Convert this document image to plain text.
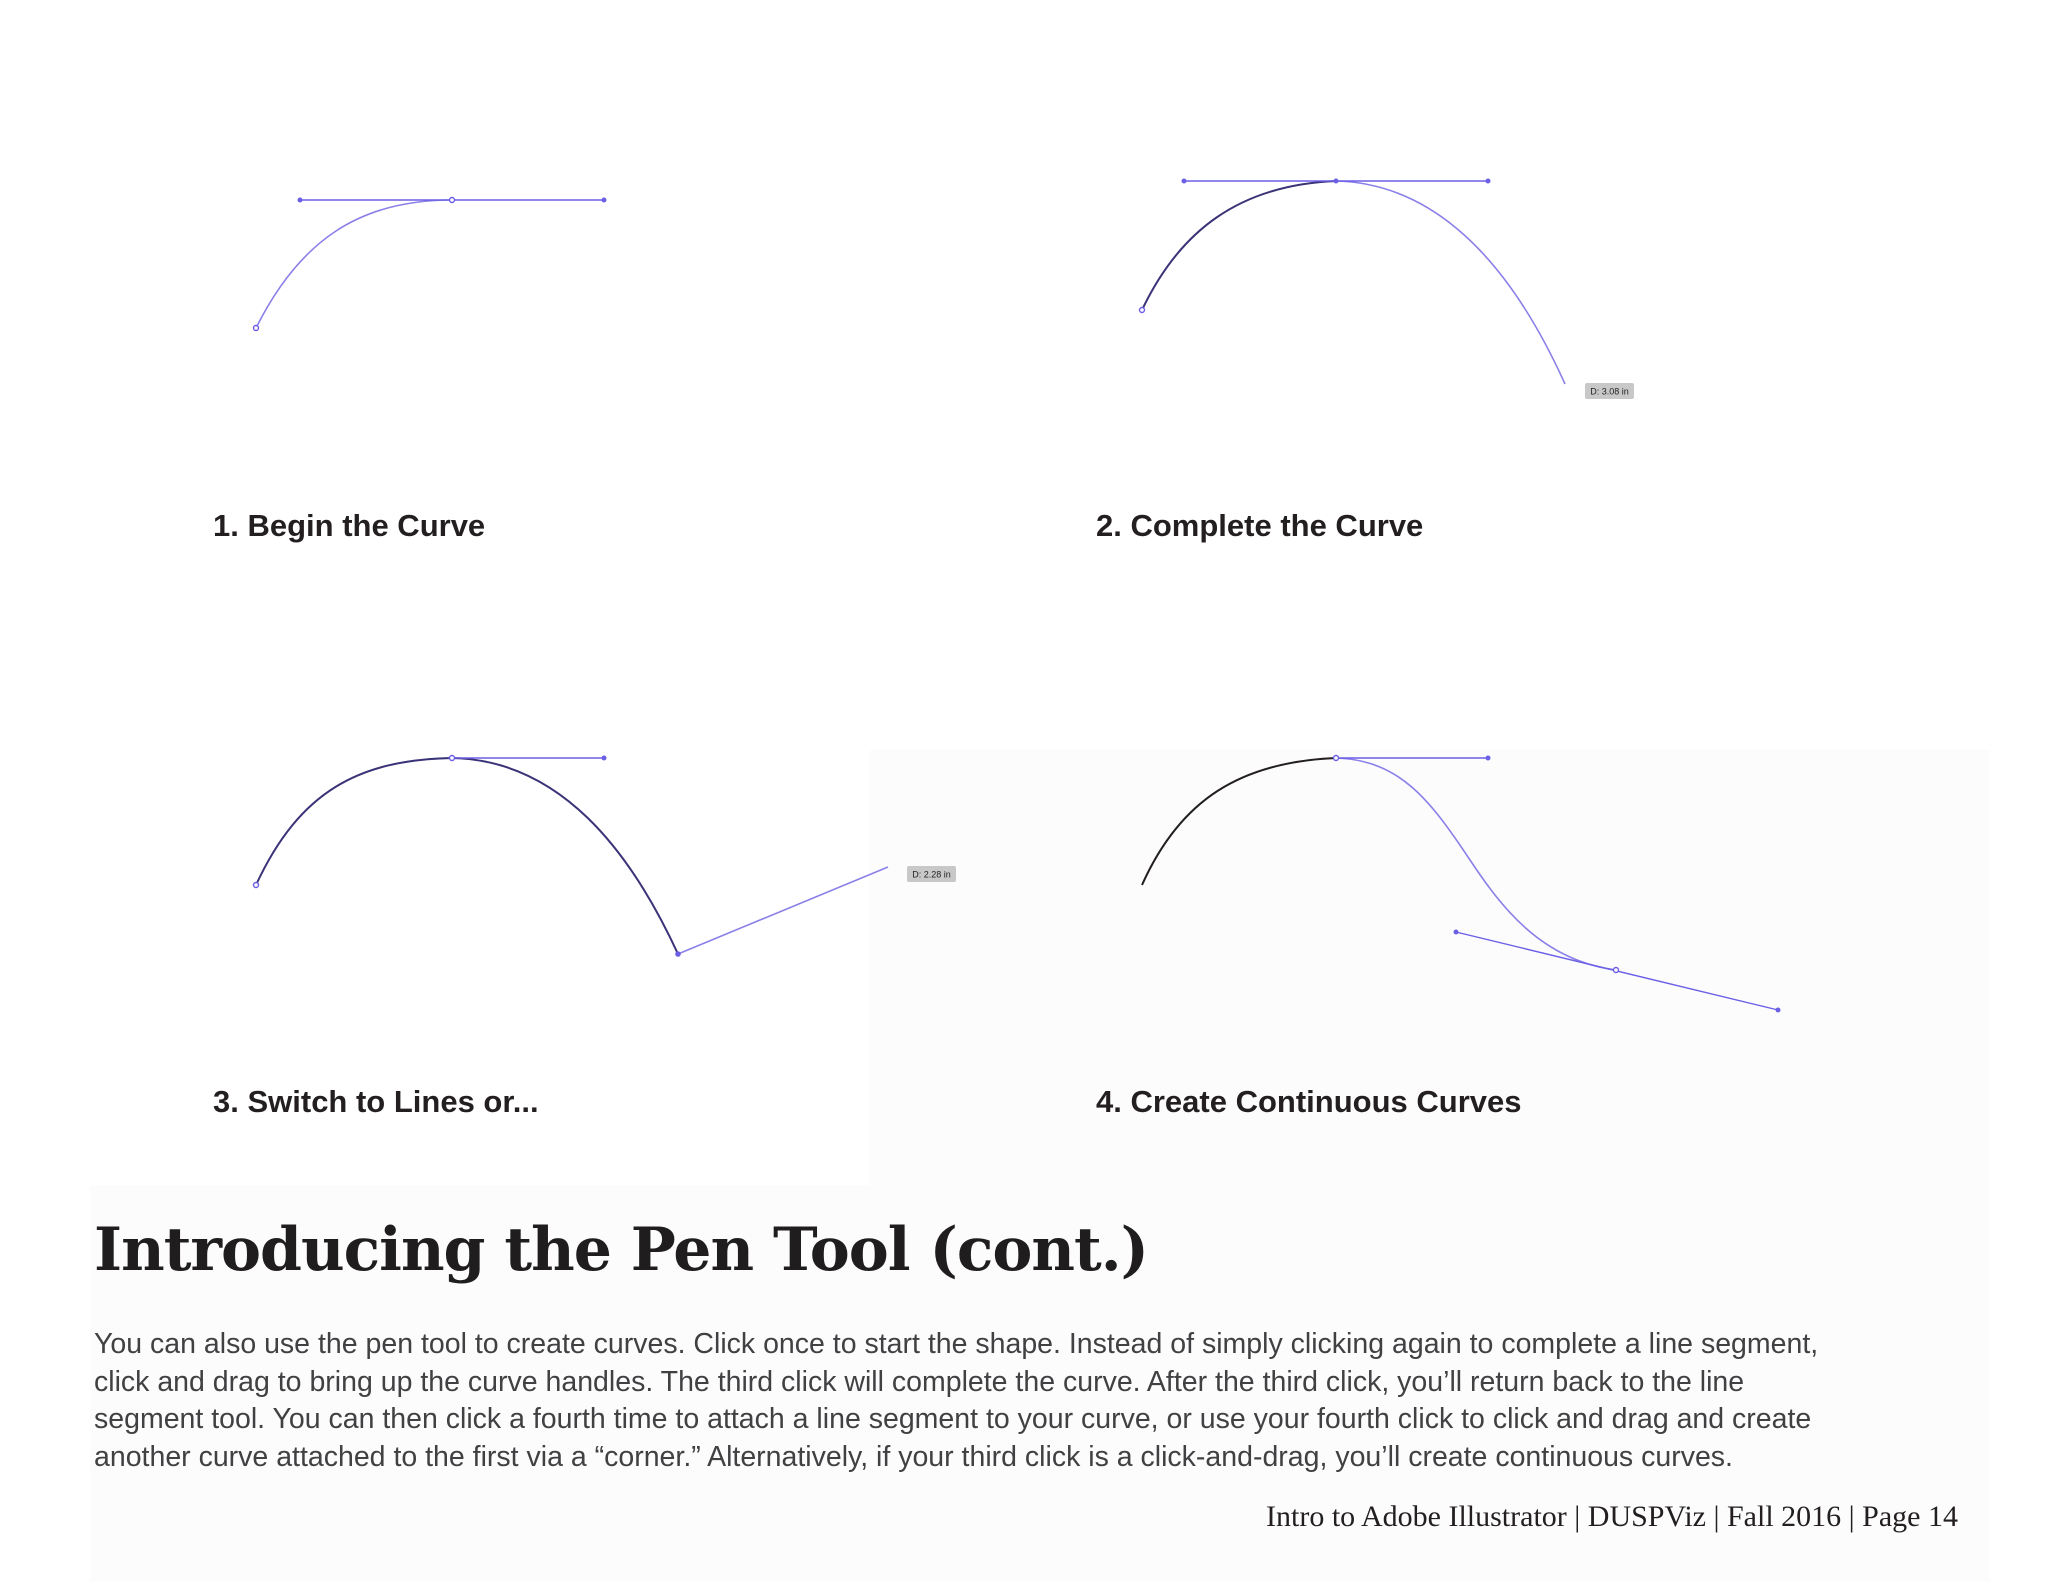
D: 3.08 in
D: 2.28 in
1. Begin the Curve	2. Complete the Curve
3. Switch to Lines or...	4. Create Continuous Curves
Introducing the Pen Tool (cont.)
You can also use the pen tool to create curves. Click once to start the shape. Instead of simply clicking again to complete a line segment,
click and drag to bring up the curve handles. The third click will complete the curve. After the third click, you’ll return back to the line
segment tool. You can then click a fourth time to attach a line segment to your curve, or use your fourth click to click and drag and create
another curve attached to the first via a “corner.” Alternatively, if your third click is a click-and-drag, you’ll create continuous curves.
Intro to Adobe Illustrator | DUSPViz | Fall 2016 | Page 14
